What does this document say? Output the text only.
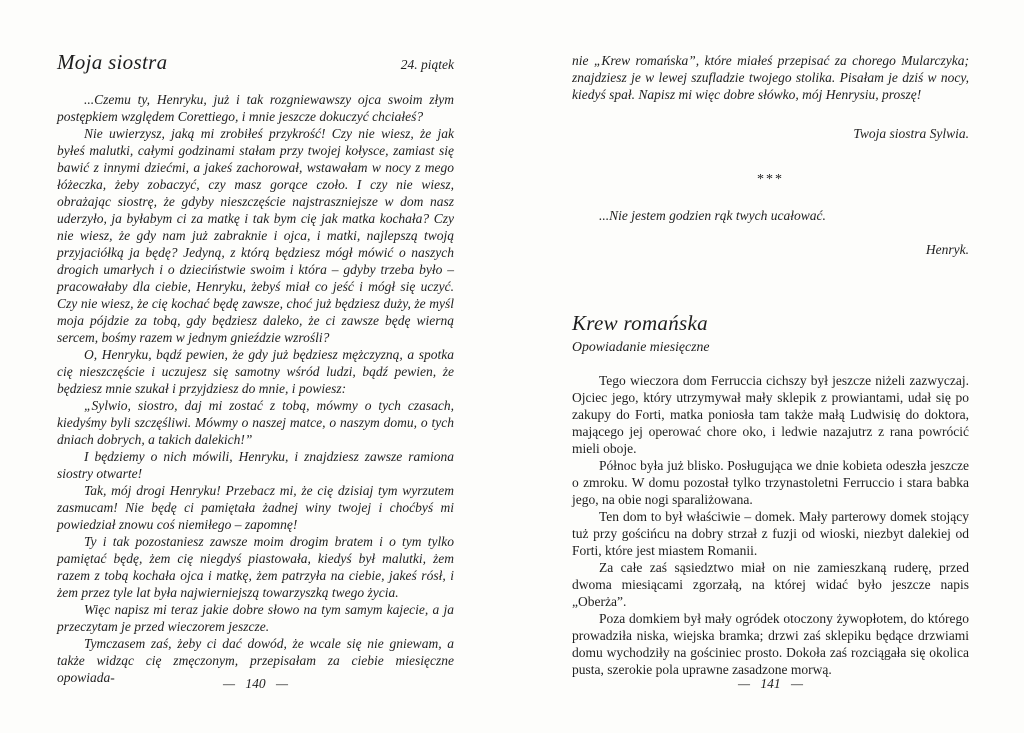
Moja siostra	24. piątek

...Czemu ty, Henryku, już i tak rozgniewawszy ojca swoim złym postępkiem względem Corettiego, i mnie jeszcze dokuczyć chciałeś?

Nie uwierzysz, jaką mi zrobiłeś przykrość! Czy nie wiesz, że jak byłeś malutki, całymi godzinami stałam przy twojej kołysce, zamiast się bawić z innymi dziećmi, a jakeś zachorował, wstawałam w nocy z mego łóżeczka, żeby zobaczyć, czy masz gorące czoło. I czy nie wiesz, obrażając siostrę, że gdyby nieszczęście najstraszniejsze w dom nasz uderzyło, ja byłabym ci za matkę i tak bym cię jak matka kochała? Czy nie wiesz, że gdy nam już zabraknie i ojca, i matki, najlepszą twoją przyjaciółką ja będę? Jedyną, z którą będziesz mógł mówić o naszych drogich umarłych i o dzieciństwie swoim i która – gdyby trzeba było – pracowałaby dla ciebie, Henryku, żebyś miał co jeść i mógł się uczyć. Czy nie wiesz, że cię kochać będę zawsze, choć już będziesz duży, że myśl moja pójdzie za tobą, gdy będziesz daleko, że ci zawsze będę wierną sercem, bośmy razem w jednym gnieździe wzrośli?

O, Henryku, bądź pewien, że gdy już będziesz mężczyzną, a spotka cię nieszczęście i uczujesz się samotny wśród ludzi, bądź pewien, że będziesz mnie szukał i przyjdziesz do mnie, i powiesz:

„Sylwio, siostro, daj mi zostać z tobą, mówmy o tych czasach, kiedyśmy byli szczęśliwi. Mówmy o naszej matce, o naszym domu, o tych dniach dobrych, a takich dalekich!”

I będziemy o nich mówili, Henryku, i znajdziesz zawsze ramiona siostry otwarte!

Tak, mój drogi Henryku! Przebacz mi, że cię dzisiaj tym wyrzutem zasmucam! Nie będę ci pamiętała żadnej winy twojej i choćbyś mi powiedział znowu coś niemiłego – zapomnę!

Ty i tak pozostaniesz zawsze moim drogim bratem i o tym tylko pamiętać będę, żem cię niegdyś piastowała, kiedyś był malutki, żem razem z tobą kochała ojca i matkę, żem patrzyła na ciebie, jakeś rósł, i żem przez tyle lat była najwierniejszą towarzyszką twego życia.

Więc napisz mi teraz jakie dobre słowo na tym samym kajecie, a ja przeczytam je przed wieczorem jeszcze.

Tymczasem zaś, żeby ci dać dowód, że wcale się nie gniewam, a także widząc cię zmęczonym, przepisałam za ciebie miesięczne opowiada-	— 140 —

nie „Krew romańska”, które miałeś przepisać za chorego Mularczyka; znajdziesz je w lewej szufladzie twojego stolika. Pisałam je dziś w nocy, kiedyś spał. Napisz mi więc dobre słówko, mój Henrysiu, proszę!

Twoja siostra Sylwia.
***

...Nie jestem godzien rąk twych ucałować.

Henryk.
Krew romańska
Opowiadanie miesięczne

Tego wieczora dom Ferruccia cichszy był jeszcze niżeli zazwyczaj. Ojciec jego, który utrzymywał mały sklepik z prowiantami, udał się po zakupy do Forti, matka poniosła tam także małą Ludwisię do doktora, mającego jej operować chore oko, i ledwie nazajutrz z rana powrócić mieli oboje.

Północ była już blisko. Posługująca we dnie kobieta odeszła jeszcze o zmroku. W domu pozostał tylko trzynastoletni Ferruccio i stara babka jego, na obie nogi sparaliżowana.

Ten dom to był właściwie – domek. Mały parterowy domek stojący tuż przy gościńcu na dobry strzał z fuzji od wioski, niezbyt dalekiej od Forti, które jest miastem Romanii.

Za całe zaś sąsiedztwo miał on nie zamieszkaną ruderę, przed dwoma miesiącami zgorzałą, na której widać było jeszcze napis „Oberża”.

Poza domkiem był mały ogródek otoczony żywopłotem, do którego prowadziła niska, wiejska bramka; drzwi zaś sklepiku będące drzwiami domu wychodziły na gościniec prosto. Dokoła zaś rozciągała się okolica pusta, szerokie pola uprawne zasadzone morwą.

— 141 —
